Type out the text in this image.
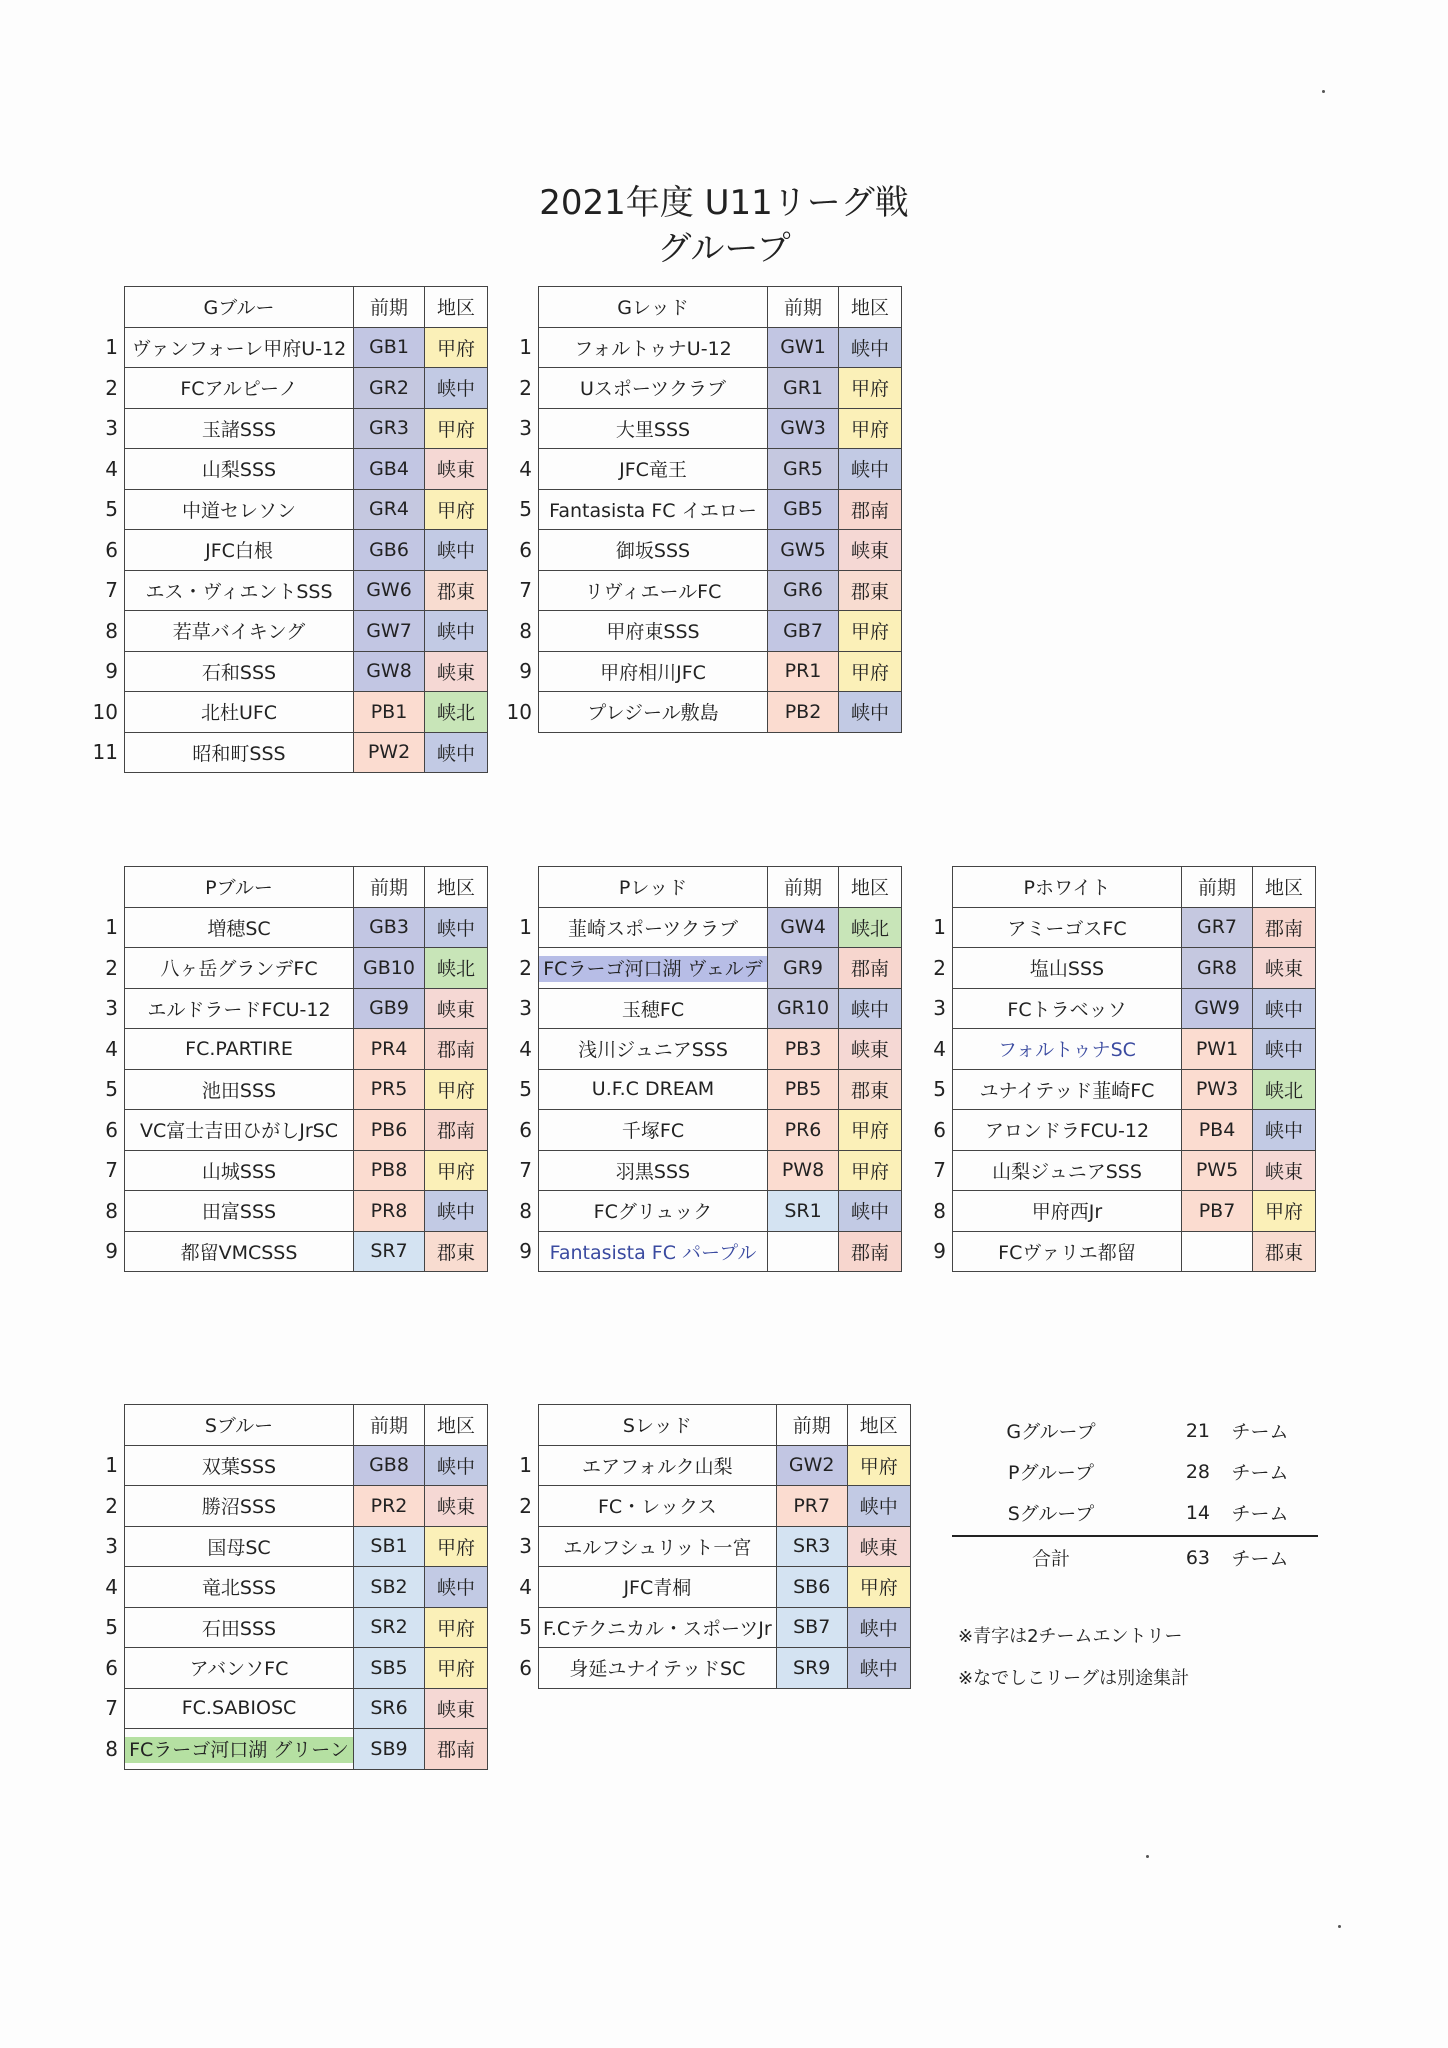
2021年度 U11リーグ戦
グループ
	Gブルー	前期	地区
1	ヴァンフォーレ甲府U-12	GB1	甲府
2	FCアルピーノ	GR2	峡中
3	玉諸SSS	GR3	甲府
4	山梨SSS	GB4	峡東
5	中道セレソン	GR4	甲府
6	JFC白根	GB6	峡中
7	エス・ヴィエントSSS	GW6	郡東
8	若草バイキング	GW7	峡中
9	石和SSS	GW8	峡東
10	北杜UFC	PB1	峡北
11	昭和町SSS	PW2	峡中
	Gレッド	前期	地区
1	フォルトゥナU-12	GW1	峡中
2	Uスポーツクラブ	GR1	甲府
3	大里SSS	GW3	甲府
4	JFC竜王	GR5	峡中
5	Fantasista FC イエロー	GB5	郡南
6	御坂SSS	GW5	峡東
7	リヴィエールFC	GR6	郡東
8	甲府東SSS	GB7	甲府
9	甲府相川JFC	PR1	甲府
10	プレジール敷島	PB2	峡中
	Pブルー	前期	地区
1	増穂SC	GB3	峡中
2	八ヶ岳グランデFC	GB10	峡北
3	エルドラードFCU-12	GB9	峡東
4	FC.PARTIRE	PR4	郡南
5	池田SSS	PR5	甲府
6	VC富士吉田ひがしJrSC	PB6	郡南
7	山城SSS	PB8	甲府
8	田富SSS	PR8	峡中
9	都留VMCSSS	SR7	郡東
	Pレッド	前期	地区
1	韮崎スポーツクラブ	GW4	峡北
2	FCラーゴ河口湖 ヴェルデ	GR9	郡南
3	玉穂FC	GR10	峡中
4	浅川ジュニアSSS	PB3	峡東
5	U.F.C DREAM	PB5	郡東
6	千塚FC	PR6	甲府
7	羽黒SSS	PW8	甲府
8	FCグリュック	SR1	峡中
9	Fantasista FC パープル		郡南
	Pホワイト	前期	地区
1	アミーゴスFC	GR7	郡南
2	塩山SSS	GR8	峡東
3	FCトラベッソ	GW9	峡中
4	フォルトゥナSC	PW1	峡中
5	ユナイテッド韮崎FC	PW3	峡北
6	アロンドラFCU-12	PB4	峡中
7	山梨ジュニアSSS	PW5	峡東
8	甲府西Jr	PB7	甲府
9	FCヴァリエ都留		郡東
	Sブルー	前期	地区
1	双葉SSS	GB8	峡中
2	勝沼SSS	PR2	峡東
3	国母SC	SB1	甲府
4	竜北SSS	SB2	峡中
5	石田SSS	SR2	甲府
6	アバンソFC	SB5	甲府
7	FC.SABIOSC	SR6	峡東
8	FCラーゴ河口湖 グリーン	SB9	郡南
	Sレッド	前期	地区
1	エアフォルク山梨	GW2	甲府
2	FC・レックス	PR7	峡中
3	エルフシュリット一宮	SR3	峡東
4	JFC青桐	SB6	甲府
5	F.Cテクニカル・スポーツJr	SB7	峡中
6	身延ユナイテッドSC	SR9	峡中
Gグループ	21	チーム
Pグループ	28	チーム
Sグループ	14	チーム
合計	63	チーム
※青字は2チームエントリー
※なでしこリーグは別途集計
